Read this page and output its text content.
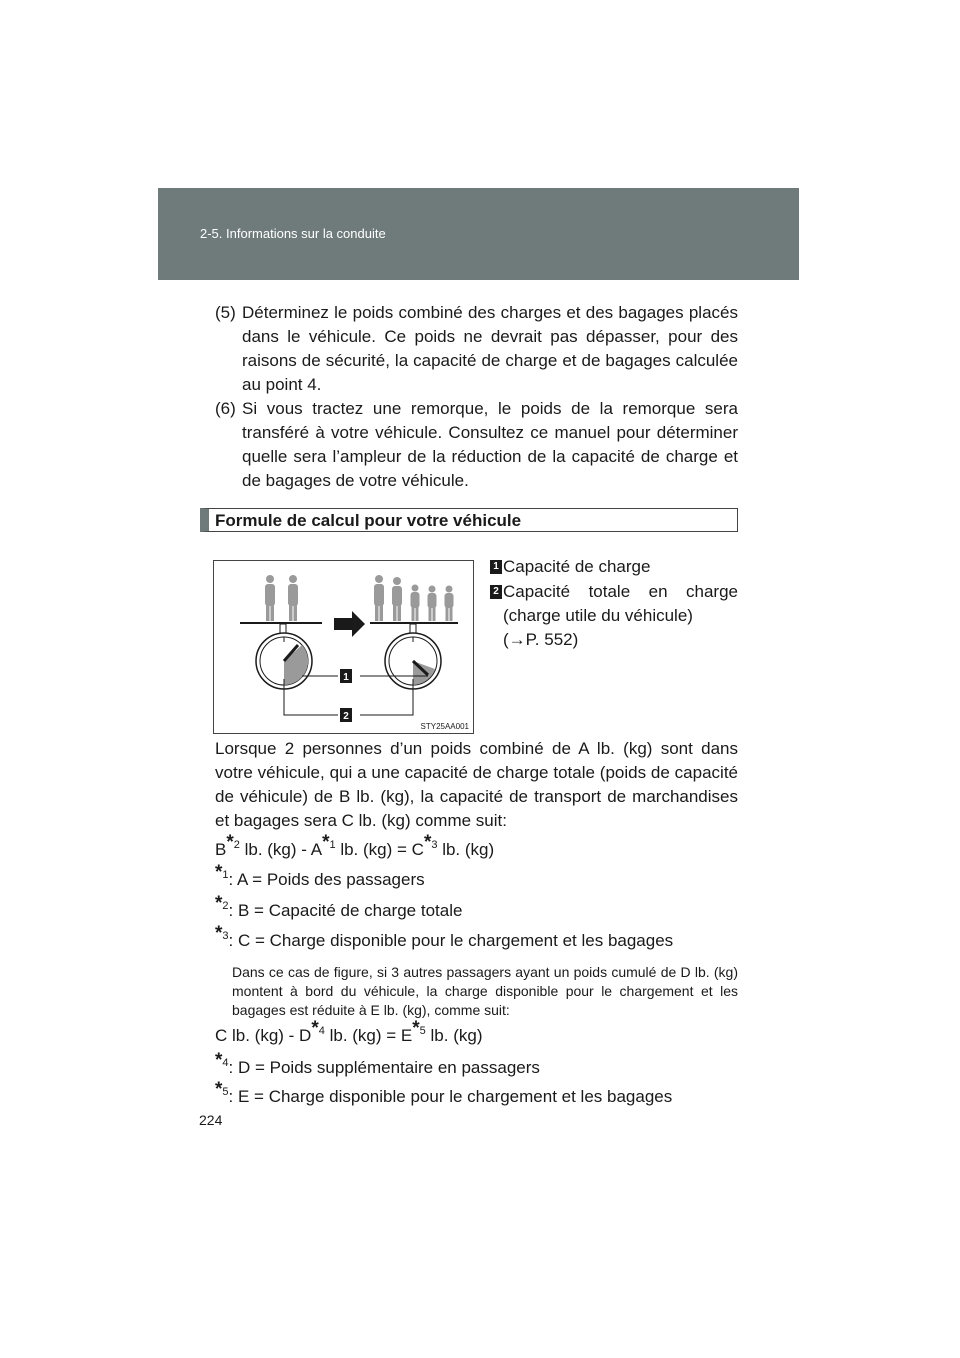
2-5. Informations sur la conduite
(5) Déterminez le poids combiné des charges et des bagages placés dans le véhicule. Ce poids ne devrait pas dépasser, pour des raisons de sécurité, la capacité de charge et de bagages calculée au point 4.
(6) Si vous tractez une remorque, le poids de la remorque sera transféré à votre véhicule. Consultez ce manuel pour déterminer quelle sera l’ampleur de la réduction de la capacité de charge et de bagages de votre véhicule.
Formule de calcul pour votre véhicule
1
2
STY25AA001
1 Capacité de charge
2 Capacité totale en charge (charge utile du véhicule)
(→P. 552)
Lorsque 2 personnes d’un poids combiné de A lb. (kg) sont dans votre véhicule, qui a une capacité de charge totale (poids de capacité de véhicule) de B lb. (kg), la capacité de transport de marchandises et bagages sera C lb. (kg) comme suit:
$B^{*2}$ lb. $(kg) - A^{*1}$ lb. $(kg) = C^{*3}$ lb. (kg)
$^{*1}$: A = Poids des passagers
$^{*2}$: B = Capacité de charge totale
$^{*3}$: C = Charge disponible pour le chargement et les bagages
Dans ce cas de figure, si 3 autres passagers ayant un poids cumulé de D lb. (kg) montent à bord du véhicule, la charge disponible pour le chargement et les bagages est réduite à E lb. (kg), comme suit:
C lb. $(kg) - D^{*4}$ lb. $(kg) = E^{*5}$ lb. (kg)
$^{*4}$: D = Poids supplémentaire en passagers
$^{*5}$: E = Charge disponible pour le chargement et les bagages
224
